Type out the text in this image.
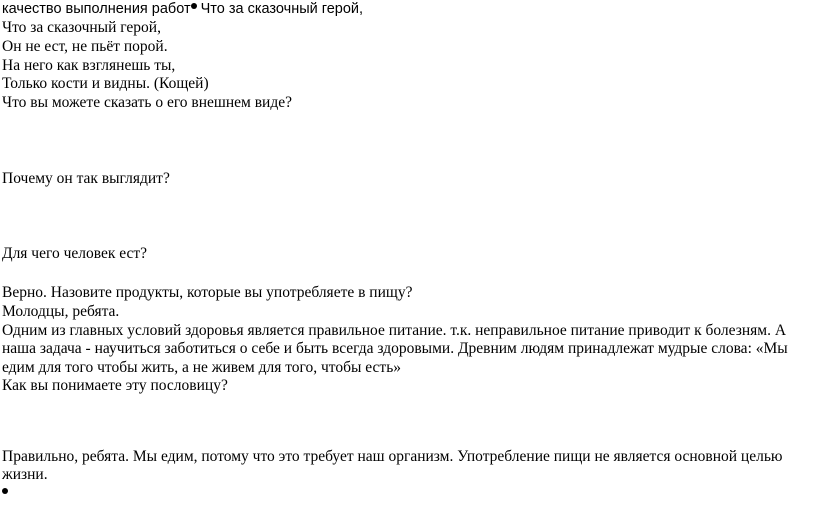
качество выполнения работ Что за сказочный герой,
Что за сказочный герой,
Он не ест, не пьёт порой.
На него как взглянешь ты,
Только кости и видны. (Кощей)
Что вы можете сказать о его внешнем виде?
Почему он так выглядит?
Для чего человек ест?
Верно. Назовите продукты, которые вы употребляете в пищу?
Молодцы, ребята.
Одним из главных условий здоровья является правильное питание. т.к. неправильное питание приводит к болезням. А
наша задача - научиться заботиться о себе и быть всегда здоровыми. Древним людям принадлежат мудрые слова: «Мы
едим для того чтобы жить, а не живем для того, чтобы есть»
Как вы понимаете эту пословицу?
Правильно, ребята. Мы едим, потому что это требует наш организм. Употребление пищи не является основной целью
жизни.
